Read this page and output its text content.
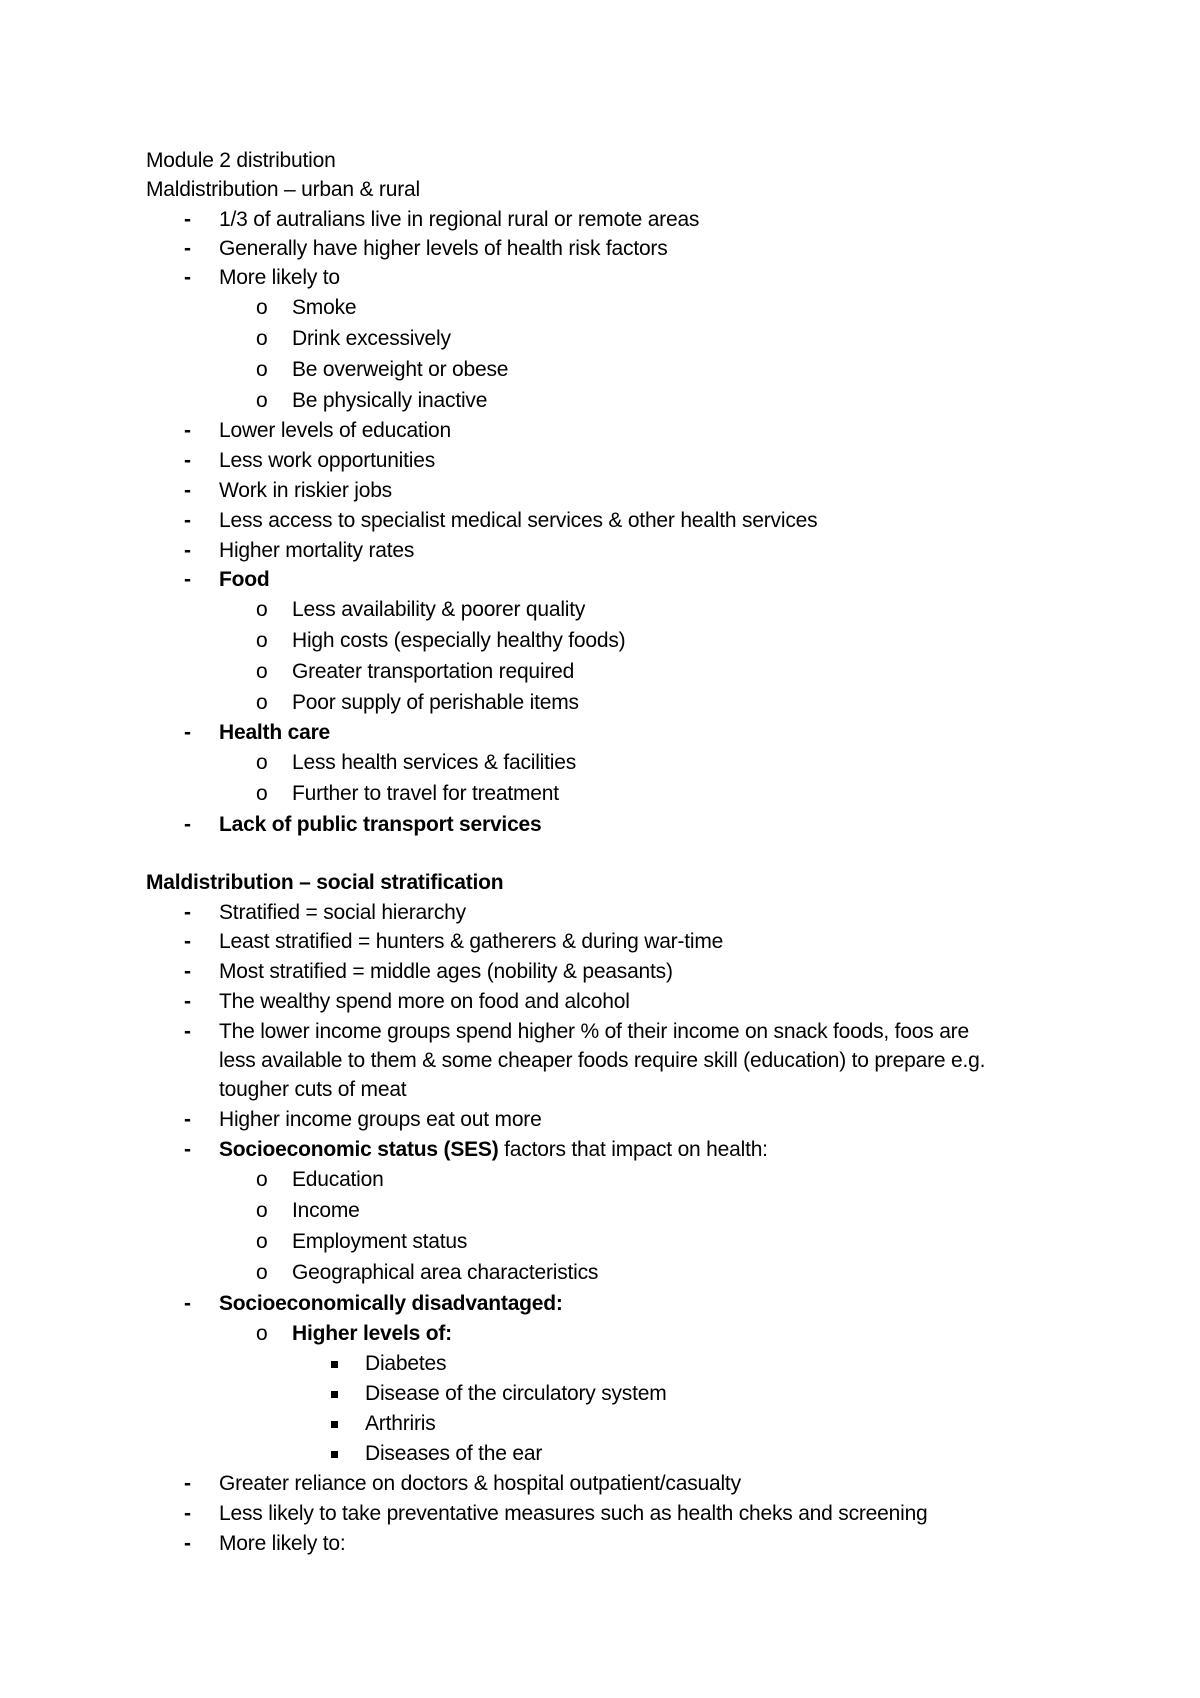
Module 2 distribution
Maldistribution – urban & rural
- 1/3 of autralians live in regional rural or remote areas
- Generally have higher levels of health risk factors
- More likely to
o Smoke
o Drink excessively
o Be overweight or obese
o Be physically inactive
- Lower levels of education
- Less work opportunities
- Work in riskier jobs
- Less access to specialist medical services & other health services
- Higher mortality rates
- Food
o Less availability & poorer quality
o High costs (especially healthy foods)
o Greater transportation required
o Poor supply of perishable items
- Health care
o Less health services & facilities
o Further to travel for treatment
- Lack of public transport services
Maldistribution – social stratification
- Stratified = social hierarchy
- Least stratified = hunters & gatherers & during war-time
- Most stratified = middle ages (nobility & peasants)
- The wealthy spend more on food and alcohol
- The lower income groups spend higher % of their income on snack foods, foos are
less available to them & some cheaper foods require skill (education) to prepare e.g.
tougher cuts of meat
- Higher income groups eat out more
- Socioeconomic status (SES) factors that impact on health:
o Education
o Income
o Employment status
o Geographical area characteristics
- Socioeconomically disadvantaged:
o Higher levels of:
Diabetes
Disease of the circulatory system
Arthriris
Diseases of the ear
- Greater reliance on doctors & hospital outpatient/casualty
- Less likely to take preventative measures such as health cheks and screening
- More likely to:
